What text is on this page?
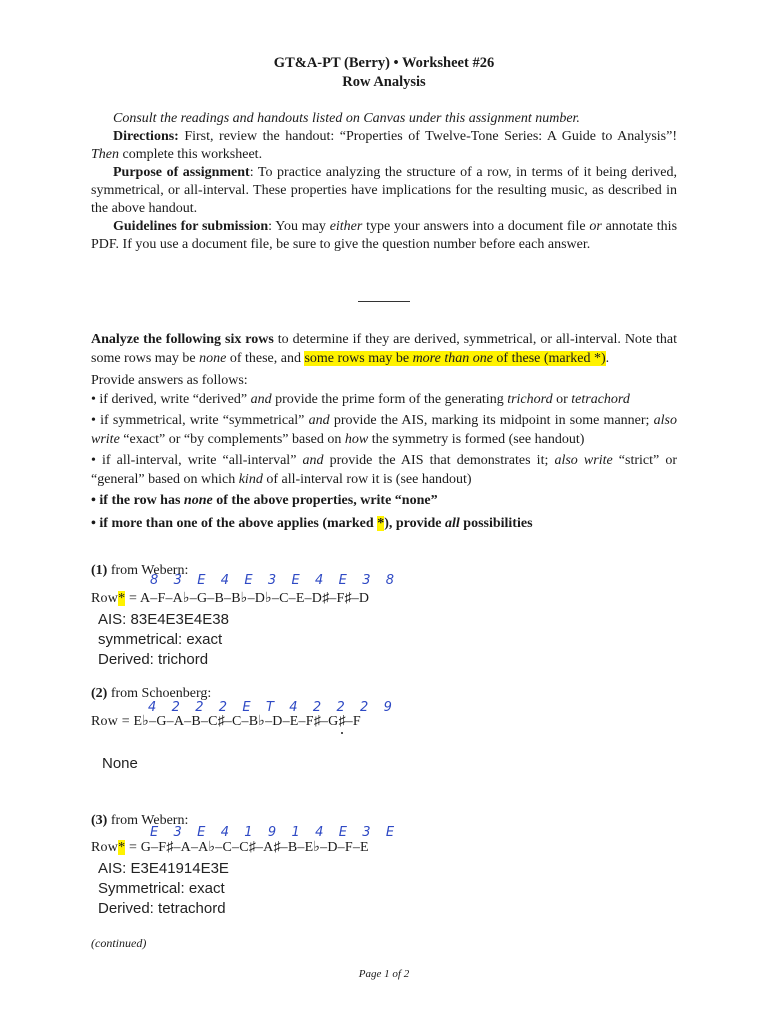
GT&A-PT (Berry) • Worksheet #26
Row Analysis

Consult the readings and handouts listed on Canvas under this assignment number.

Directions: First, review the handout: “Properties of Twelve-Tone Series: A Guide to Analysis”! Then complete this worksheet.

Purpose of assignment: To practice analyzing the structure of a row, in terms of it being derived, symmetrical, or all-interval. These properties have implications for the resulting music, as described in the above handout.

Guidelines for submission: You may either type your answers into a document file or annotate this PDF. If you use a document file, be sure to give the question number before each answer.

Analyze the following six rows to determine if they are derived, symmetrical, or all-interval. Note that some rows may be none of these, and some rows may be more than one of these (marked *).

Provide answers as follows:

• if derived, write “derived” and provide the prime form of the generating trichord or tetrachord

• if symmetrical, write “symmetrical” and provide the AIS, marking its midpoint in some manner; also write “exact” or “by complements” based on how the symmetry is formed (see handout)

• if all-interval, write “all-interval” and provide the AIS that demonstrates it; also write “strict” or “general” based on which kind of all-interval row it is (see handout)

• if the row has none of the above properties, write “none”

• if more than one of the above applies (marked *), provide all possibilities

(1) from Webern:
8 3 E 4 E 3 E 4 E 3 8
Row* = A–F–A♭–G–B–B♭–D♭–C–E–D♯–F♯–D
AIS: 83E4E3E4E38
symmetrical: exact
Derived: trichord
(2) from Schoenberg:
4 2 2 2 E T 4 2 2 2 9
Row = E♭–G–A–B–C♯–C–B♭–D–E–F♯–G♯–F
None
(3) from Webern:
E 3 E 4 1 9 1 4 E 3 E
Row* = G–F♯–A–A♭–C–C♯–A♯–B–E♭–D–F–E
AIS: E3E41914E3E
Symmetrical: exact
Derived: tetrachord
(continued)
Page 1 of 2
